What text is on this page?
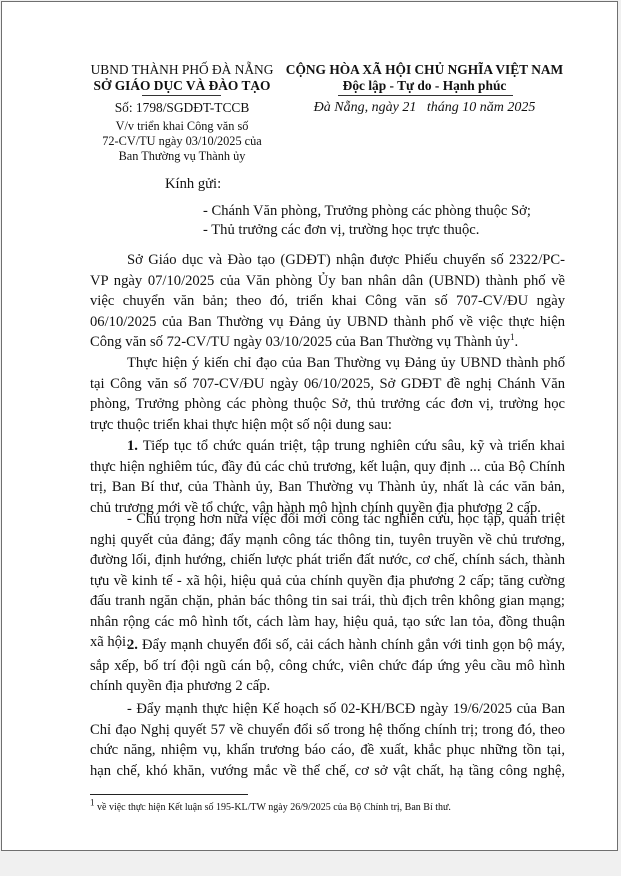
UBND THÀNH PHỐ ĐÀ NẴNG
SỞ GIÁO DỤC VÀ ĐÀO TẠO
Số: 1798/SGDĐT-TCCB
V/v triển khai Công văn số
72-CV/TU ngày 03/10/2025 của
Ban Thường vụ Thành ủy
CỘNG HÒA XÃ HỘI CHỦ NGHĨA VIỆT NAM
Độc lập - Tự do - Hạnh phúc
Đà Nẵng, ngày 21   tháng 10 năm 2025
Kính gửi:
- Chánh Văn phòng, Trưởng phòng các phòng thuộc Sở;
- Thủ trưởng các đơn vị, trường học trực thuộc.
Sở Giáo dục và Đào tạo (GDĐT) nhận được Phiếu chuyển số 2322/PC-
VP ngày 07/10/2025 của Văn phòng Ủy ban nhân dân (UBND) thành phố về
việc chuyển văn bản; theo đó, triển khai Công văn số 707-CV/ĐU ngày
06/10/2025 của Ban Thường vụ Đảng ủy UBND thành phố về việc thực hiện
Công văn số 72-CV/TU ngày 03/10/2025 của Ban Thường vụ Thành ủy$^1$.
Thực hiện ý kiến chỉ đạo của Ban Thường vụ Đảng ủy UBND thành phố
tại Công văn số 707-CV/ĐU ngày 06/10/2025, Sở GDĐT đề nghị Chánh Văn
phòng, Trưởng phòng các phòng thuộc Sở, thủ trưởng các đơn vị, trường học
trực thuộc triển khai thực hiện một số nội dung sau:
1. Tiếp tục tổ chức quán triệt, tập trung nghiên cứu sâu, kỹ và triển khai
thực hiện nghiêm túc, đầy đủ các chủ trương, kết luận, quy định ... của Bộ Chính
trị, Ban Bí thư, của Thành ủy, Ban Thường vụ Thành ủy, nhất là các văn bản,
chủ trương mới về tổ chức, vận hành mô hình chính quyền địa phương 2 cấp.
- Chú trọng hơn nữa việc đổi mới công tác nghiên cứu, học tập, quán triệt
nghị quyết của đảng; đẩy mạnh công tác thông tin, tuyên truyền về chủ trương,
đường lối, định hướng, chiến lược phát triển đất nước, cơ chế, chính sách, thành
tựu về kinh tế - xã hội, hiệu quả của chính quyền địa phương 2 cấp; tăng cường
đấu tranh ngăn chặn, phản bác thông tin sai trái, thù địch trên không gian mạng;
nhân rộng các mô hình tốt, cách làm hay, hiệu quả, tạo sức lan tỏa, đồng thuận
xã hội.
2. Đẩy mạnh chuyển đổi số, cải cách hành chính gắn với tinh gọn bộ máy,
sắp xếp, bố trí đội ngũ cán bộ, công chức, viên chức đáp ứng yêu cầu mô hình
chính quyền địa phương 2 cấp.
- Đẩy mạnh thực hiện Kế hoạch số 02-KH/BCĐ ngày 19/6/2025 của Ban
Chỉ đạo Nghị quyết 57 về chuyển đổi số trong hệ thống chính trị; trong đó, theo
chức năng, nhiệm vụ, khẩn trương báo cáo, đề xuất, khắc phục những tồn tại,
hạn chế, khó khăn, vướng mắc về thể chế, cơ sở vật chất, hạ tầng công nghệ,
$^1$ về việc thực hiện Kết luận số 195-KL/TW ngày 26/9/2025 của Bộ Chính trị, Ban Bí thư.
